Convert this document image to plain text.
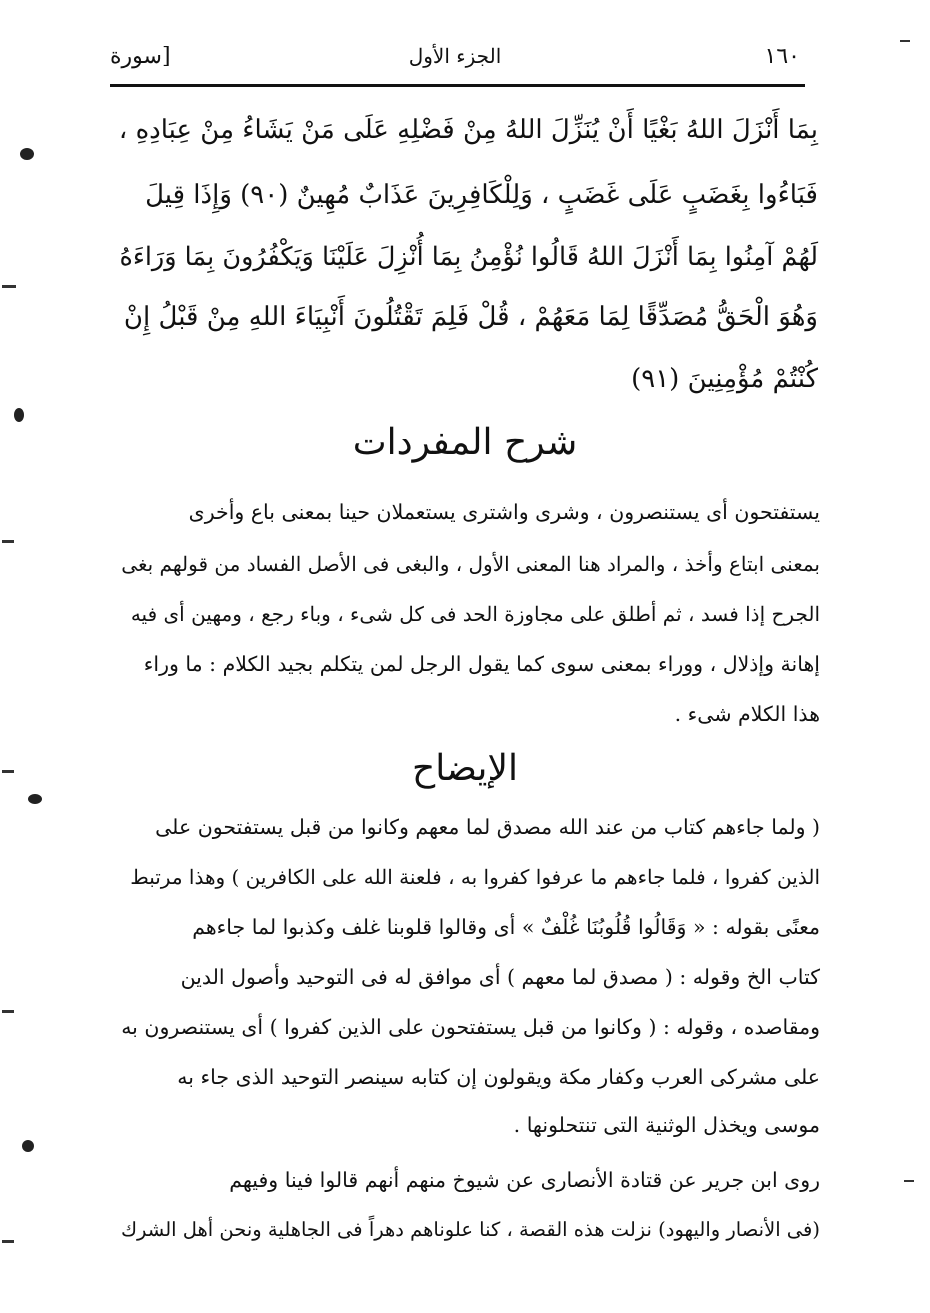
١٦٠
الجزء الأول
[سورة
بِمَا أَنْزَلَ اللهُ بَغْيًا أَنْ يُنَزِّلَ اللهُ مِنْ فَضْلِهِ عَلَى مَنْ يَشَاءُ مِنْ عِبَادِهِ ،
فَبَاءُوا بِغَضَبٍ عَلَى غَضَبٍ ، وَلِلْكَافِرِينَ عَذَابٌ مُهِينٌ (٩٠) وَإِذَا قِيلَ
لَهُمْ آمِنُوا بِمَا أَنْزَلَ اللهُ قَالُوا نُؤْمِنُ بِمَا أُنْزِلَ عَلَيْنَا وَيَكْفُرُونَ بِمَا وَرَاءَهُ
وَهُوَ الْحَقُّ مُصَدِّقًا لِمَا مَعَهُمْ ، قُلْ فَلِمَ تَقْتُلُونَ أَنْبِيَاءَ اللهِ مِنْ قَبْلُ إِنْ
كُنْتُمْ مُؤْمِنِينَ (٩١)
شرح المفردات
يستفتحون أى يستنصرون ، وشرى واشترى يستعملان حينا بمعنى باع وأخرى
بمعنى ابتاع وأخذ ، والمراد هنا المعنى الأول ، والبغى فى الأصل الفساد من قولهم بغى
الجرح إذا فسد ، ثم أطلق على مجاوزة الحد فى كل شىء ، وباء رجع ، ومهين أى فيه
إهانة وإذلال ، ووراء بمعنى سوى كما يقول الرجل لمن يتكلم بجيد الكلام : ما وراء
هذا الكلام شىء .
الإيضاح
( ولما جاءهم كتاب من عند الله مصدق لما معهم وكانوا من قبل يستفتحون على
الذين كفروا ، فلما جاءهم ما عرفوا كفروا به ، فلعنة الله على الكافرين ) وهذا مرتبط
معنًى بقوله : « وَقَالُوا قُلُوبُنَا غُلْفٌ » أى وقالوا قلوبنا غلف وكذبوا لما جاءهم
كتاب الخ وقوله : ( مصدق لما معهم ) أى موافق له فى التوحيد وأصول الدين
ومقاصده ، وقوله : ( وكانوا من قبل يستفتحون على الذين كفروا ) أى يستنصرون به
على مشركى العرب وكفار مكة ويقولون إن كتابه سينصر التوحيد الذى جاء به
موسى ويخذل الوثنية التى تنتحلونها .
روى ابن جرير عن قتادة الأنصارى عن شيوخ منهم أنهم قالوا فينا وفيهم
(فى الأنصار واليهود) نزلت هذه القصة ، كنا علوناهم دهراً فى الجاهلية ونحن أهل الشرك
